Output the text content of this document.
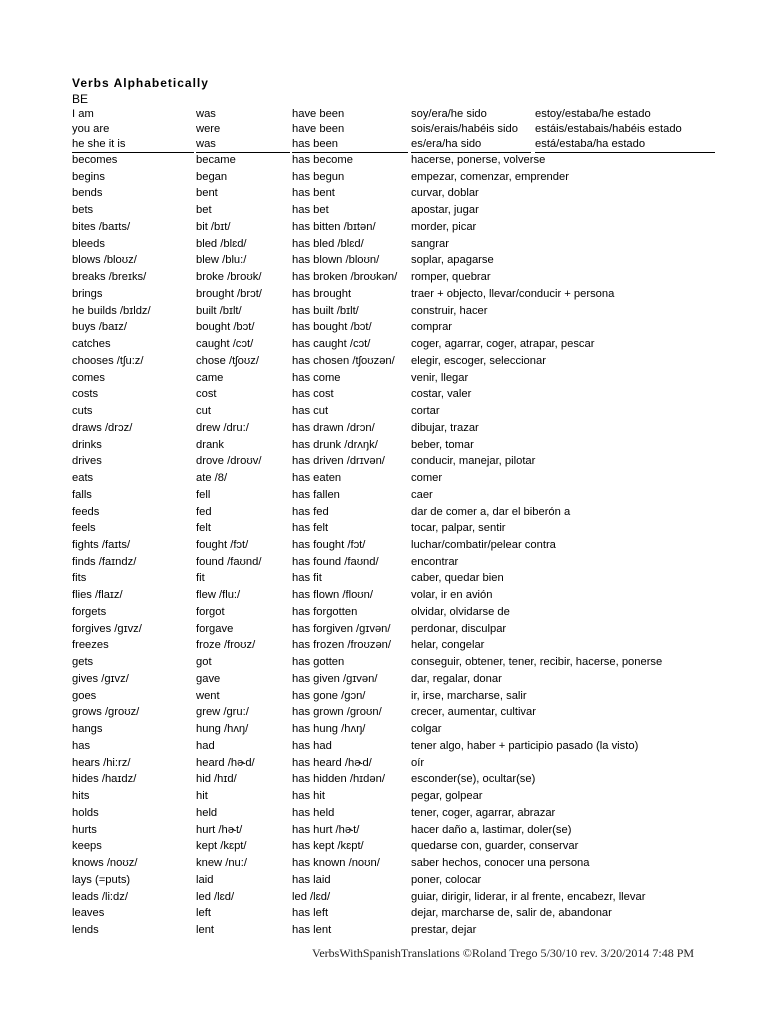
Verbs Alphabetically
BE
I am	was	have been	soy/era/he sido	estoy/estaba/he estado
you are	were	have been	sois/erais/habéis sido	estáis/estabais/habéis estado
he she it is	was	has been	es/era/ha sido	está/estaba/ha estado
becomes	became	has become	hacerse, ponerse, volverse
begins	began	has begun	empezar, comenzar, emprender
bends	bent	has bent	curvar, doblar
bets	bet	has bet	apostar, jugar
bites /baɪts/	bit /bɪt/	has bitten /bɪtən/	morder, picar
bleeds	bled /blɛd/	has bled /blɛd/	sangrar
blows /bloʊz/	blew /blu:/	has blown /bloʊn/	soplar, apagarse
breaks /breɪks/	broke /broʊk/	has broken /broʊkən/	romper, quebrar
brings	brought /brɔt/	has brought	traer + objecto, llevar/conducir + persona
he builds /bɪldz/	built /bɪlt/	has built /bɪlt/	construir, hacer
buys /baɪz/	bought /bɔt/	has bought /bɔt/	comprar
catches	caught /cɔt/	has caught /cɔt/	coger, agarrar, coger, atrapar, pescar
chooses /tʃu:z/	chose /tʃoʊz/	has chosen /tʃoʊzən/	elegir, escoger, seleccionar
comes	came	has come	venir, llegar
costs	cost	has cost	costar, valer
cuts	cut	has cut	cortar
draws /drɔz/	drew /dru:/	has drawn /drɔn/	dibujar, trazar
drinks	drank	has drunk /drʌŋk/	beber, tomar
drives	drove /droʊv/	has driven /drɪvən/	conducir, manejar, pilotar
eats	ate /8/	has eaten	comer
falls	fell	has fallen	caer
feeds	fed	has fed	dar de comer a, dar el biberón a
feels	felt	has felt	tocar, palpar, sentir
fights /faɪts/	fought /fɔt/	has fought /fɔt/	luchar/combatir/pelear contra
finds /faɪndz/	found /faʊnd/	has found /faʊnd/	encontrar
fits	fit	has fit	caber, quedar bien
flies /flaɪz/	flew /flu:/	has flown /floʊn/	volar, ir en avión
forgets	forgot	has forgotten	olvidar, olvidarse de
forgives /gɪvz/	forgave	has forgiven /gɪvən/	perdonar, disculpar
freezes	froze /froʊz/	has frozen /froʊzən/	helar, congelar
gets	got	has gotten	conseguir, obtener, tener, recibir, hacerse, ponerse
gives /gɪvz/	gave	has given /gɪvən/	dar, regalar, donar
goes	went	has gone /gɔn/	ir, irse, marcharse, salir
grows /groʊz/	grew /gru:/	has grown /groʊn/	crecer, aumentar, cultivar
hangs	hung /hʌŋ/	has hung /hʌŋ/	colgar
has	had	has had	tener algo, haber + participio pasado (la visto)
hears /hi:rz/	heard /hɚd/	has heard /hɚd/	oír
hides /haɪdz/	hid /hɪd/	has hidden /hɪdən/	esconder(se), ocultar(se)
hits	hit	has hit	pegar, golpear
holds	held	has held	tener, coger, agarrar, abrazar
hurts	hurt /hɚt/	has hurt /hɚt/	hacer daño a, lastimar, doler(se)
keeps	kept /kɛpt/	has kept /kɛpt/	quedarse con, guarder, conservar
knows /noʊz/	knew /nu:/	has known /noʊn/	saber hechos, conocer una persona
lays (=puts)	laid	has laid	poner, colocar
leads /li:dz/	led /lɛd/	led /lɛd/	guiar, dirigir, liderar, ir al frente, encabezr, llevar
leaves	left	has left	dejar, marcharse de, salir de, abandonar
lends	lent	has lent	prestar, dejar
VerbsWithSpanishTranslations ©Roland Trego 5/30/10 rev. 3/20/2014 7:48 PM
